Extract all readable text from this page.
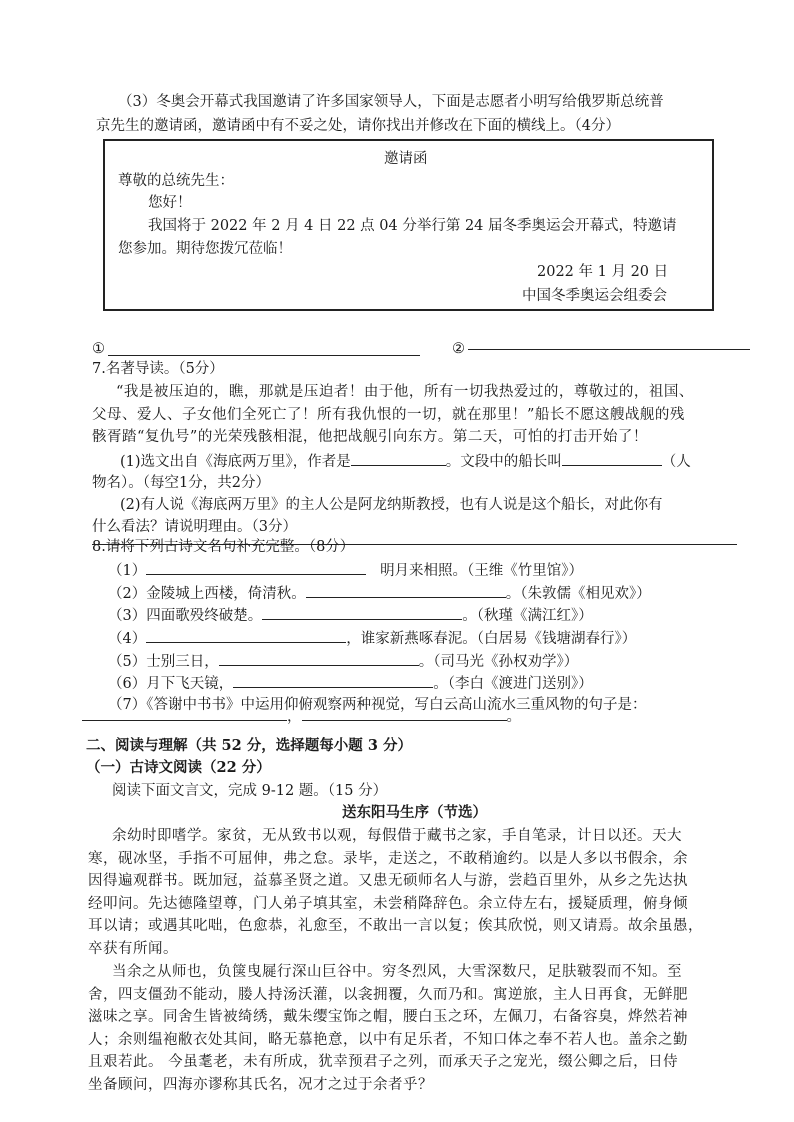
（3）冬奥会开幕式我国邀请了许多国家领导人，下面是志愿者小明写给俄罗斯总统普
京先生的邀请函，邀请函中有不妥之处，请你找出并修改在下面的横线上。（4分）
邀请函
尊敬的总统先生：
您好！
我国将于 2022 年 2 月 4 日 22 点 04 分举行第 24 届冬季奥运会开幕式，特邀请
您参加。期待您拨冗莅临！
2022 年 1 月 20 日
中国冬季奥运会组委会
①	②
7.名著导读。（5分）
“我是被压迫的，瞧，那就是压迫者！由于他，所有一切我热爱过的，尊敬过的，祖国、
父母、爱人、子女他们全死亡了！所有我仇恨的一切，就在那里！”船长不愿这艘战舰的残
骸胥踏“复仇号”的光荣残骸相混，他把战舰引向东方。第二天，可怕的打击开始了！
(1)选文出自《海底两万里》，作者是	。文段中的船长叫	（人
物名）。（每空1分，共2分）
(2)有人说《海底两万里》的主人公是阿龙纳斯教授，也有人说是这个船长，对此你有
什么看法？请说明理由。（3分）
8.请将下列古诗文名句补充完整。（8分）
（1）	明月来相照。（王维《竹里馆》）
（2）金陵城上西楼，倚清秋。	。（朱敦儒《相见欢》）
（3）四面歌殁终破楚。	。（秋瑾《满江红》）
（4）	，谁家新燕啄春泥。（白居易《钱塘湖春行》）
（5）士别三日，	。（司马光《孙权劝学》）
（6）月下飞天镜，	。（李白《渡进门送别》）
（7）《答谢中书书》中运用仰俯观察两种视觉，写白云高山流水三重风物的句子是：
，	。
二、阅读与理解（共 52 分，选择题每小题 3 分）
（一）古诗文阅读（22 分）
阅读下面文言文，完成 9-12 题。（15 分）
送东阳马生序（节选）
余幼时即嗜学。家贫，无从致书以观，每假借于藏书之家，手自笔录，计日以还。天大
寒，砚冰坚，手指不可屈伸，弗之怠。录毕，走送之，不敢稍逾约。以是人多以书假余，余
因得遍观群书。既加冠，益慕圣贤之道。又患无硕师名人与游，尝趋百里外，从乡之先达执
经叩问。先达德隆望尊，门人弟子填其室，未尝稍降辞色。余立侍左右，援疑质理，俯身倾
耳以请；或遇其叱咄，色愈恭，礼愈至，不敢出一言以复；俟其欣悦，则又请焉。故余虽愚，
卒获有所闻。
当余之从师也，负箧曳屣行深山巨谷中。穷冬烈风，大雪深数尺，足肤皲裂而不知。至
舍，四支僵劲不能动，媵人持汤沃灌，以衾拥覆，久而乃和。寓逆旅，主人日再食，无鲜肥
滋味之享。同舍生皆被绮绣，戴朱缨宝饰之帽，腰白玉之环，左佩刀，右备容臭，烨然若神
人；余则缊袍敝衣处其间，略无慕艳意，以中有足乐者，不知口体之奉不若人也。盖余之勤
且艰若此。 今虽耄老，未有所成，犹幸预君子之列，而承天子之宠光，缀公卿之后，日侍
坐备顾问，四海亦谬称其氏名，况才之过于余者乎？
